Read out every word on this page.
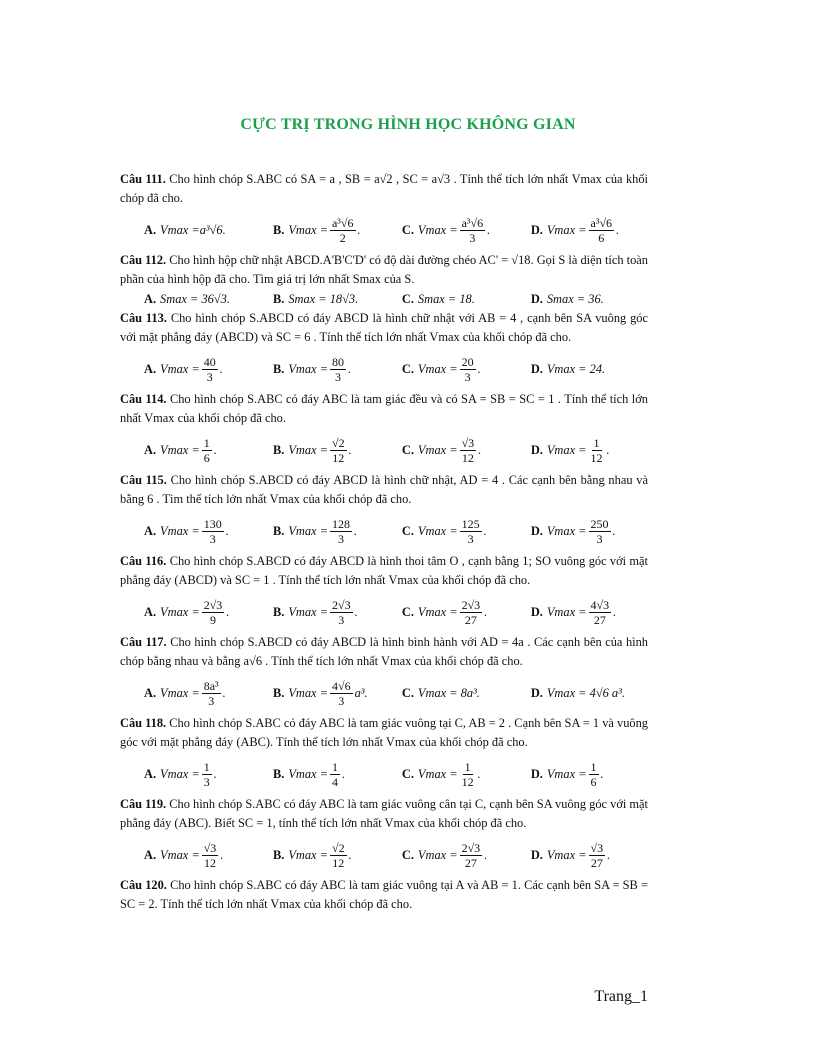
CỰC TRỊ TRONG HÌNH HỌC KHÔNG GIAN

Câu 111. Cho hình chóp S.ABC có SA = a , SB = a√2 , SC = a√3 . Tính thể tích lớn nhất Vmax của khối chóp đã cho.

A. Vmax = a³√6.	B. $Vmax = \frac{\text{a³√6}}{2}$ .	C. $Vmax = \frac{\text{a³√6}}{3}$ .	D. $Vmax = \frac{\text{a³√6}}{6}$ .

Câu 112. Cho hình hộp chữ nhật ABCD.A'B'C'D' có độ dài đường chéo AC' = √18. Gọi S là diện tích toàn phần của hình hộp đã cho. Tìm giá trị lớn nhất Smax của S.

A. Smax = 36√3.	B. Smax = 18√3.	C. Smax = 18.	D. Smax = 36.

Câu 113. Cho hình chóp S.ABCD có đáy ABCD là hình chữ nhật với AB = 4 , cạnh bên SA vuông góc với mặt phẳng đáy (ABCD) và SC = 6 . Tính thể tích lớn nhất Vmax của khối chóp đã cho.

A. $Vmax = \frac{40}{3}$ .	B. $Vmax = \frac{80}{3}$ .	C. $Vmax = \frac{20}{3}$ .	D. Vmax = 24.

Câu 114. Cho hình chóp S.ABC có đáy ABC là tam giác đều và có SA = SB = SC = 1 . Tính thể tích lớn nhất Vmax của khối chóp đã cho.

A. $Vmax = \frac{1}{6}$ .	B. $Vmax = \frac{√2}{12}$ .	C. $Vmax = \frac{√3}{12}$ .	D. $Vmax = \frac{1}{12}$ .

Câu 115. Cho hình chóp S.ABCD có đáy ABCD là hình chữ nhật, AD = 4 . Các cạnh bên bằng nhau và bằng 6 . Tìm thể tích lớn nhất Vmax của khối chóp đã cho.

A. $Vmax = \frac{130}{3}$ .	B. $Vmax = \frac{128}{3}$ .	C. $Vmax = \frac{125}{3}$ .	D. $Vmax = \frac{250}{3}$ .

Câu 116. Cho hình chóp S.ABCD có đáy ABCD là hình thoi tâm O , cạnh bằng 1; SO vuông góc với mặt phẳng đáy (ABCD) và SC = 1 . Tính thể tích lớn nhất Vmax của khối chóp đã cho.

A. $Vmax = \frac{2√3}{9}$ .	B. $Vmax = \frac{2√3}{3}$ .	C. $Vmax = \frac{2√3}{27}$ .	D. $Vmax = \frac{4√3}{27}$ .

Câu 117. Cho hình chóp S.ABCD có đáy ABCD là hình bình hành với AD = 4a . Các cạnh bên của hình chóp bằng nhau và bằng a√6 . Tính thể tích lớn nhất Vmax của khối chóp đã cho.

A. $Vmax = \frac{\text{8a³}}{3}$ .	B. $Vmax = \frac{4√6}{3} a^3$.	C. Vmax = 8a³.	D. Vmax = 4√6 a³.

Câu 118. Cho hình chóp S.ABC có đáy ABC là tam giác vuông tại C, AB = 2 . Cạnh bên SA = 1 và vuông góc với mặt phẳng đáy (ABC). Tính thể tích lớn nhất Vmax của khối chóp đã cho.

A. $Vmax = \frac{1}{3}$ .	B. $Vmax = \frac{1}{4}$ .	C. $Vmax = \frac{1}{12}$ .	D. $Vmax = \frac{1}{6}$ .

Câu 119. Cho hình chóp S.ABC có đáy ABC là tam giác vuông cân tại C, cạnh bên SA vuông góc với mặt phẳng đáy (ABC). Biết SC = 1, tính thể tích lớn nhất Vmax của khối chóp đã cho.

A. $Vmax = \frac{√3}{12}$ .	B. $Vmax = \frac{√2}{12}$ .	C. $Vmax = \frac{2√3}{27}$ .	D. $Vmax = \frac{√3}{27}$ .

Câu 120. Cho hình chóp S.ABC có đáy ABC là tam giác vuông tại A và AB = 1. Các cạnh bên SA = SB = SC = 2. Tính thể tích lớn nhất Vmax của khối chóp đã cho.

Trang_1
